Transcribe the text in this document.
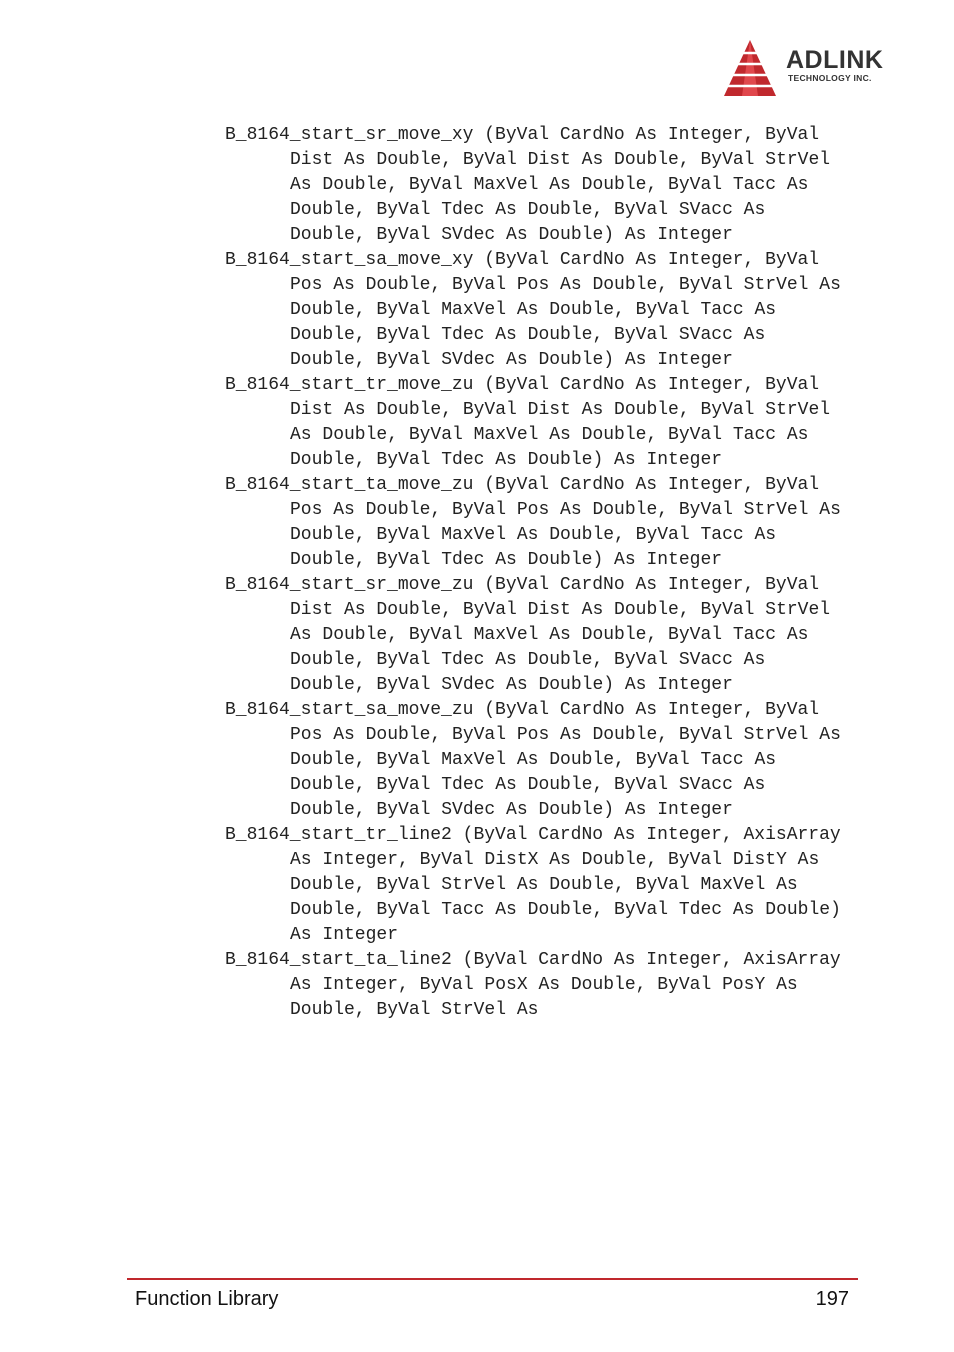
ADLINK
TECHNOLOGY INC.
B_8164_start_sr_move_xy (ByVal CardNo As Integer, ByVal Dist As Double, ByVal Dist As Double, ByVal StrVel As Double, ByVal MaxVel As Double, ByVal Tacc As Double, ByVal Tdec As Double, ByVal SVacc As Double, ByVal SVdec As Double) As Integer
B_8164_start_sa_move_xy (ByVal CardNo As Integer, ByVal Pos As Double, ByVal Pos As Double, ByVal StrVel As Double, ByVal MaxVel As Double, ByVal Tacc As Double, ByVal Tdec As Double, ByVal SVacc As Double, ByVal SVdec As Double) As Integer
B_8164_start_tr_move_zu (ByVal CardNo As Integer, ByVal Dist As Double, ByVal Dist As Double, ByVal StrVel As Double, ByVal MaxVel As Double, ByVal Tacc As Double, ByVal Tdec As Double) As Integer
B_8164_start_ta_move_zu (ByVal CardNo As Integer, ByVal Pos As Double, ByVal Pos As Double, ByVal StrVel As Double, ByVal MaxVel As Double, ByVal Tacc As Double, ByVal Tdec As Double) As Integer
B_8164_start_sr_move_zu (ByVal CardNo As Integer, ByVal Dist As Double, ByVal Dist As Double, ByVal StrVel As Double, ByVal MaxVel As Double, ByVal Tacc As Double, ByVal Tdec As Double, ByVal SVacc As Double, ByVal SVdec As Double) As Integer
B_8164_start_sa_move_zu (ByVal CardNo As Integer, ByVal Pos As Double, ByVal Pos As Double, ByVal StrVel As Double, ByVal MaxVel As Double, ByVal Tacc As Double, ByVal Tdec As Double, ByVal SVacc As Double, ByVal SVdec As Double) As Integer
B_8164_start_tr_line2 (ByVal CardNo As Integer, AxisArray As Integer, ByVal DistX As Double, ByVal DistY As Double, ByVal StrVel As Double, ByVal MaxVel As Double, ByVal Tacc As Double, ByVal Tdec As Double) As Integer
B_8164_start_ta_line2 (ByVal CardNo As Integer, AxisArray As Integer, ByVal PosX As Double, ByVal PosY As Double, ByVal StrVel As
Function Library	197
